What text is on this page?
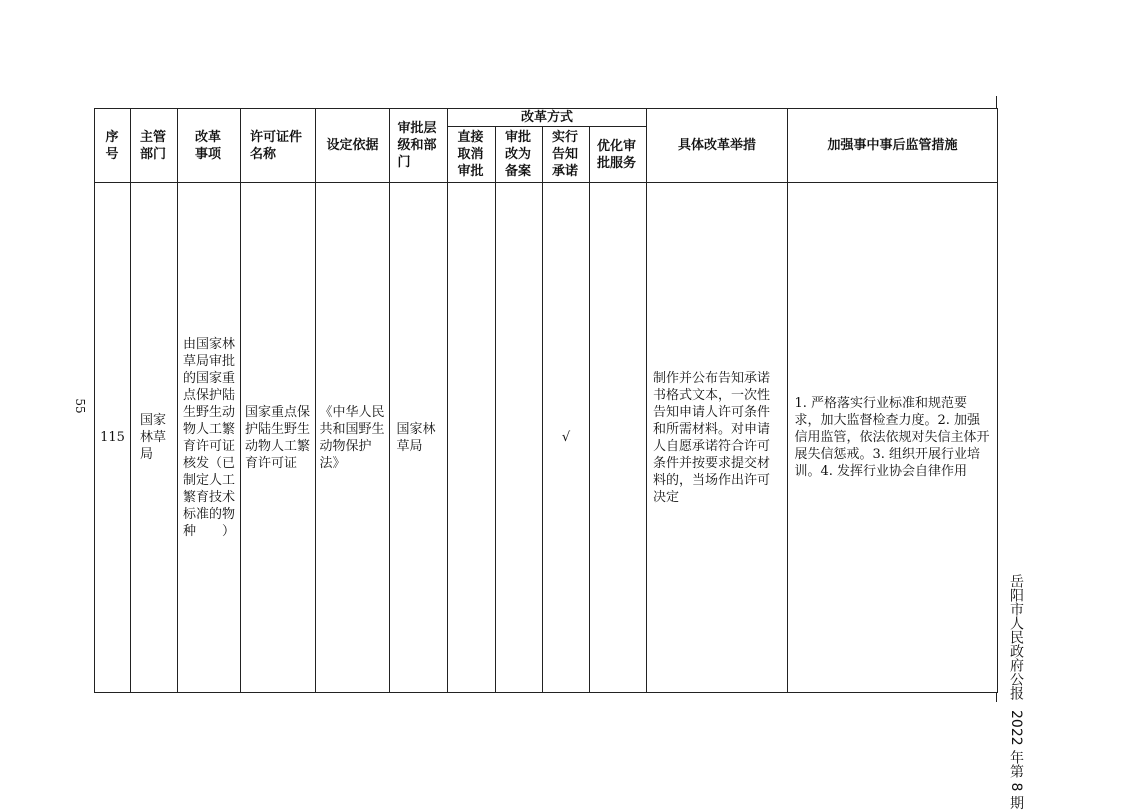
序号	主管部门	改革事项	许可证件名称	设定依据	审批层级和部门	改革方式				具体改革举措	加强事中事后监管措施
						直接取消审批	审批改为备案	实行告知承诺	优化审批服务		
115	国家林草局	由国家林草局审批的国家重点保护陆生野生动物人工繁育许可证核发（已制定人工繁育技术标准的物种）	国家重点保护陆生野生动物人工繁育许可证	《中华人民共和国野生动物保护法》	国家林草局			√		制作并公布告知承诺书格式文本，一次性告知申请人许可条件和所需材料。对申请人自愿承诺符合许可条件并按要求提交材料的，当场作出许可决定	1. 严格落实行业标准和规范要求，加大监督检查力度。2. 加强信用监管，依法依规对失信主体开展失信惩戒。3. 组织开展行业培训。4. 发挥行业协会自律作用
55
岳阳市人民政府公报2022 年第 8 期
